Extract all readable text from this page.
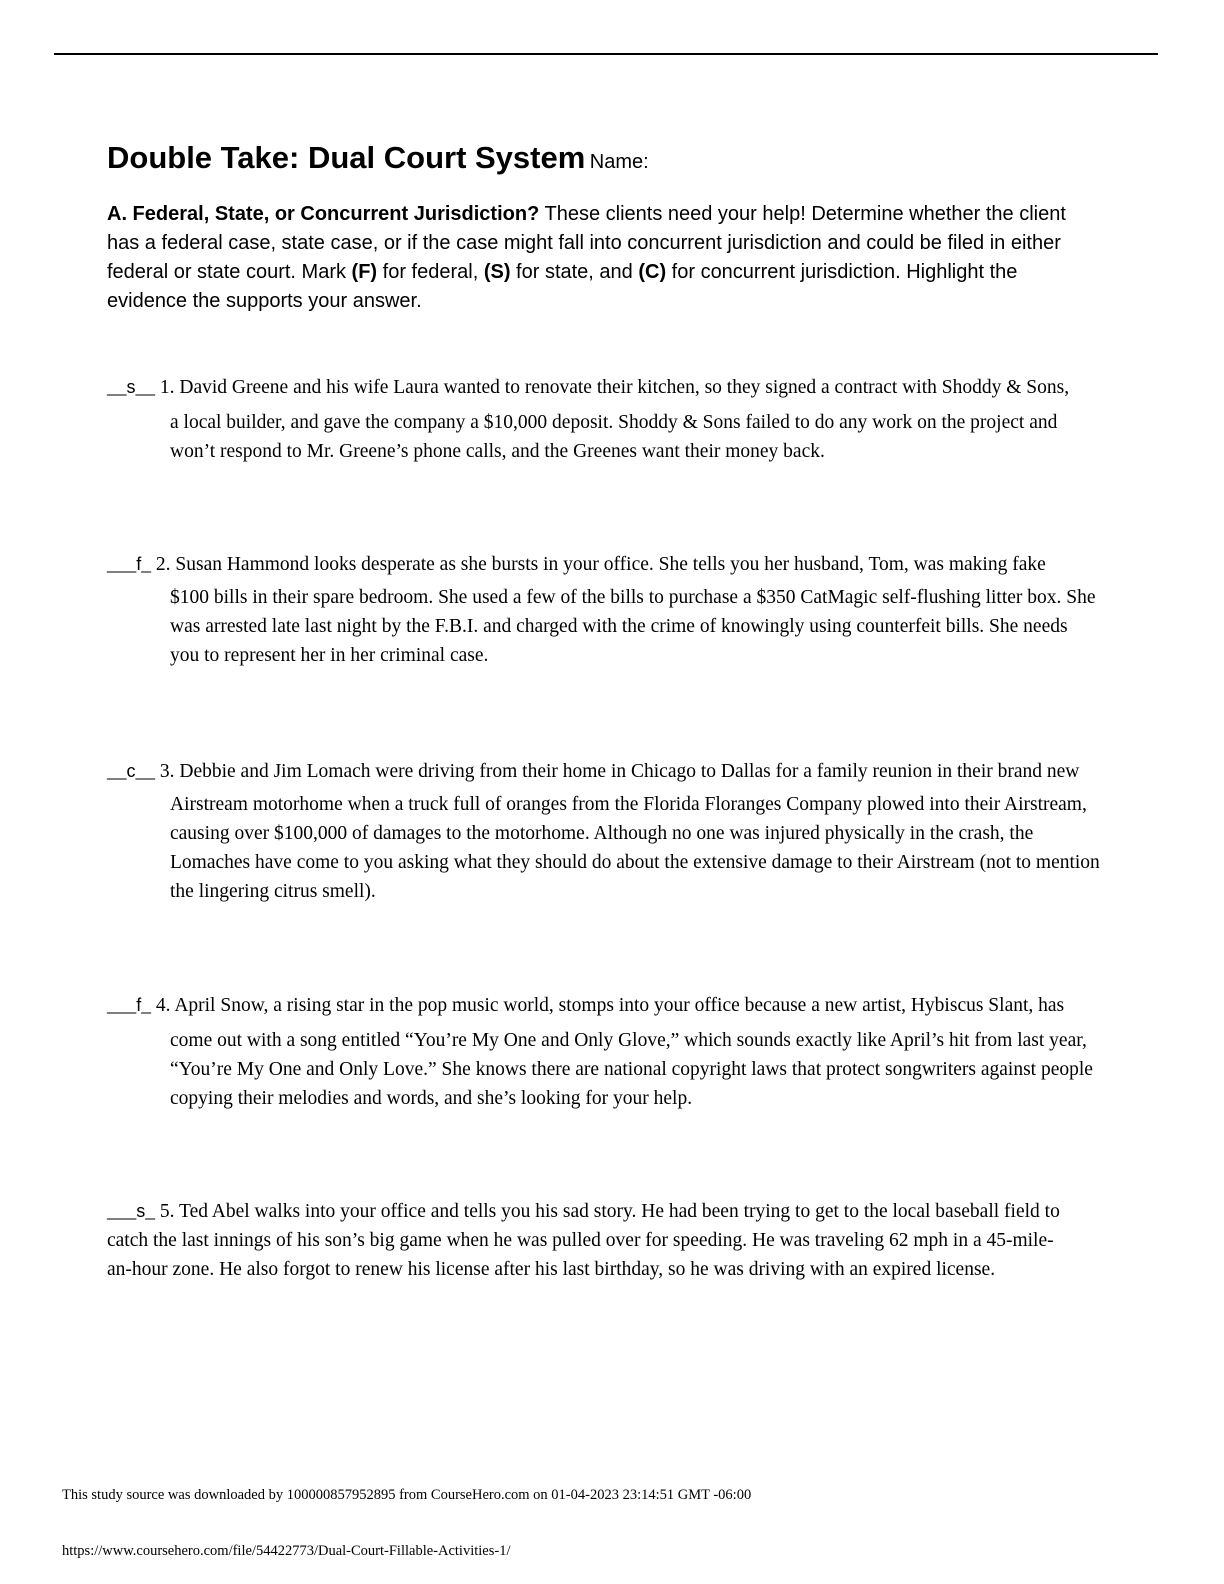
Double Take: Dual Court System Name:

A. Federal, State, or Concurrent Jurisdiction? These clients need your help! Determine whether the client has a federal case, state case, or if the case might fall into concurrent jurisdiction and could be filed in either federal or state court. Mark (F) for federal, (S) for state, and (C) for concurrent jurisdiction. Highlight the evidence the supports your answer.

__s__ 1. David Greene and his wife Laura wanted to renovate their kitchen, so they signed a contract with Shoddy & Sons,

a local builder, and gave the company a $10,000 deposit. Shoddy & Sons failed to do any work on the project and won’t respond to Mr. Greene’s phone calls, and the Greenes want their money back.

___f_ 2. Susan Hammond looks desperate as she bursts in your office. She tells you her husband, Tom, was making fake

$100 bills in their spare bedroom. She used a few of the bills to purchase a $350 CatMagic self-flushing litter box. She was arrested late last night by the F.B.I. and charged with the crime of knowingly using counterfeit bills. She needs you to represent her in her criminal case.

__c__ 3. Debbie and Jim Lomach were driving from their home in Chicago to Dallas for a family reunion in their brand new

Airstream motorhome when a truck full of oranges from the Florida Floranges Company plowed into their Airstream, causing over $100,000 of damages to the motorhome. Although no one was injured physically in the crash, the Lomaches have come to you asking what they should do about the extensive damage to their Airstream (not to mention the lingering citrus smell).

___f_ 4. April Snow, a rising star in the pop music world, stomps into your office because a new artist, Hybiscus Slant, has

come out with a song entitled “You’re My One and Only Glove,” which sounds exactly like April’s hit from last year, “You’re My One and Only Love.” She knows there are national copyright laws that protect songwriters against people copying their melodies and words, and she’s looking for your help.

___s_ 5. Ted Abel walks into your office and tells you his sad story. He had been trying to get to the local baseball field to catch the last innings of his son’s big game when he was pulled over for speeding. He was traveling 62 mph in a 45-mile-an-hour zone. He also forgot to renew his license after his last birthday, so he was driving with an expired license.

This study source was downloaded by 100000857952895 from CourseHero.com on 01-04-2023 23:14:51 GMT -06:00
https://www.coursehero.com/file/54422773/Dual-Court-Fillable-Activities-1/
